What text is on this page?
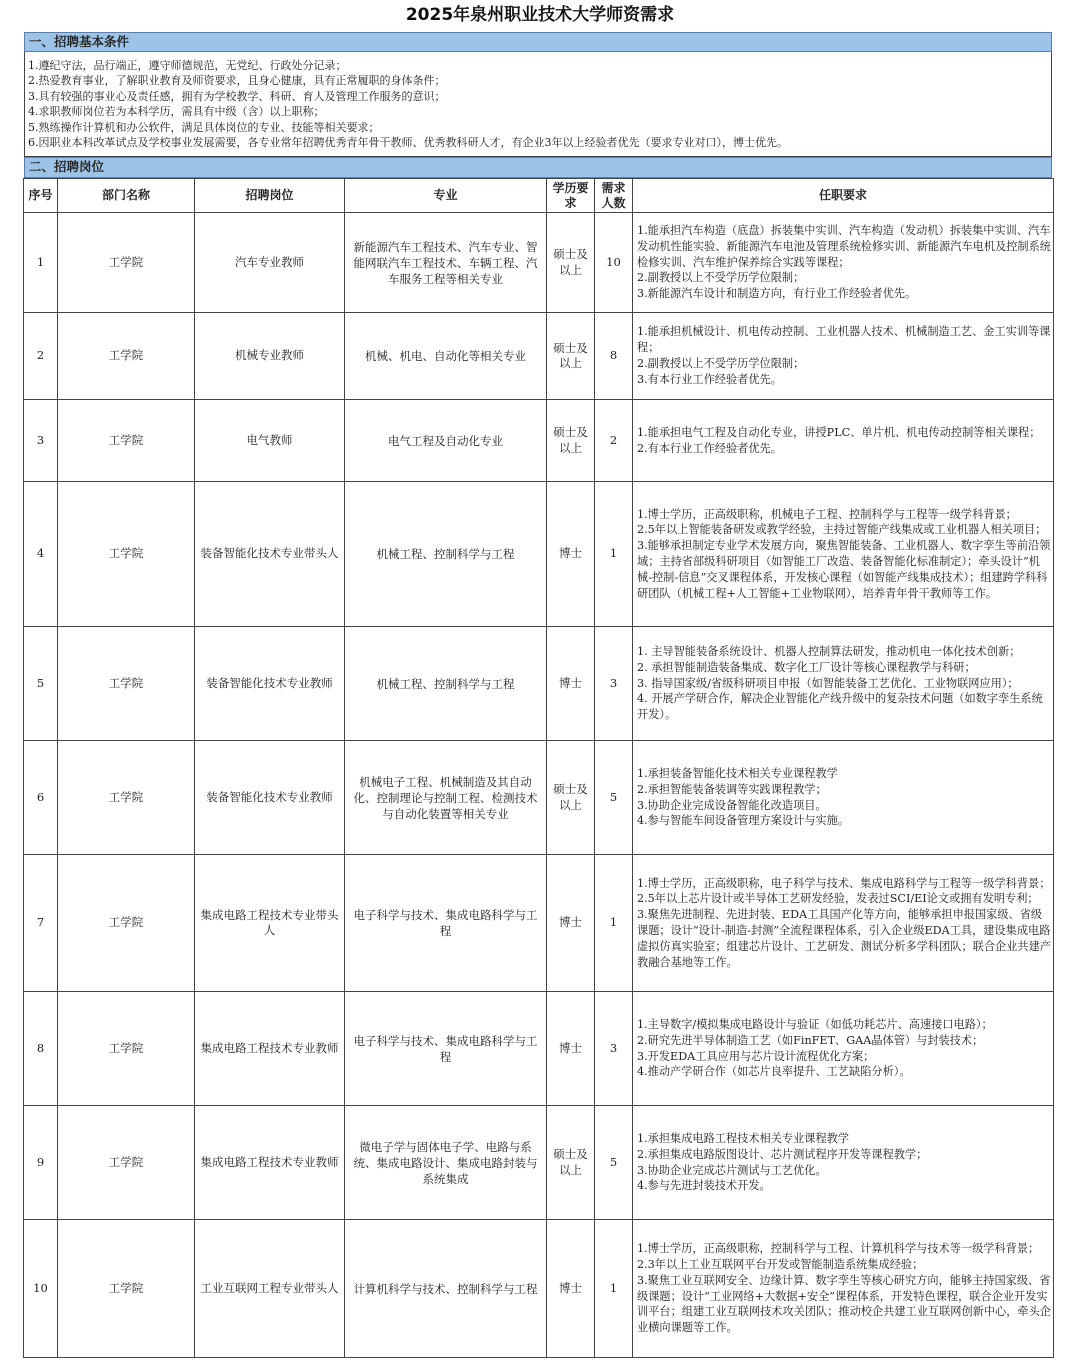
2025年泉州职业技术大学师资需求
一、招聘基本条件
1.遵纪守法，品行端正，遵守师德规范，无党纪、行政处分记录；
2.热爱教育事业，了解职业教育及师资要求，且身心健康，具有正常履职的身体条件；
3.具有较强的事业心及责任感，拥有为学校教学、科研、育人及管理工作服务的意识；
4.求职教师岗位若为本科学历，需具有中级（含）以上职称；
5.熟练操作计算机和办公软件，满足具体岗位的专业、技能等相关要求；
6.因职业本科改革试点及学校事业发展需要，各专业常年招聘优秀青年骨干教师、优秀教科研人才，有企业3年以上经验者优先（要求专业对口），博士优先。
二、招聘岗位
序号	部门名称	招聘岗位	专业	学历要求	需求人数	任职要求
1	工学院	汽车专业教师	新能源汽车工程技术、汽车专业、智能网联汽车工程技术、车辆工程、汽车服务工程等相关专业	硕士及以上	10	1.能承担汽车构造（底盘）拆装集中实训、汽车构造（发动机）拆装集中实训、汽车发动机性能实验、新能源汽车电池及管理系统检修实训、新能源汽车电机及控制系统检修实训、汽车维护保养综合实践等课程；
2.副教授以上不受学历学位限制；
3.新能源汽车设计和制造方向，有行业工作经验者优先。

2	工学院	机械专业教师	机械、机电、自动化等相关专业	硕士及以上	8	1.能承担机械设计、机电传动控制、工业机器人技术、机械制造工艺、金工实训等课程；
2.副教授以上不受学历学位限制；
3.有本行业工作经验者优先。

3	工学院	电气教师	电气工程及自动化专业	硕士及以上	2	1.能承担电气工程及自动化专业，讲授PLC、单片机、机电传动控制等相关课程；
2.有本行业工作经验者优先。

4	工学院	装备智能化技术专业带头人	机械工程、控制科学与工程	博士	1	1.博士学历，正高级职称，机械电子工程、控制科学与工程等一级学科背景；
2.5年以上智能装备研发或教学经验，主持过智能产线集成或工业机器人相关项目；
3.能够承担制定专业学术发展方向，聚焦智能装备、工业机器人、数字孪生等前沿领域；主持省部级科研项目（如智能工厂改造、装备智能化标准制定）；牵头设计“机械-控制-信息”交叉课程体系，开发核心课程（如智能产线集成技术）；组建跨学科科研团队（机械工程+人工智能+工业物联网），培养青年骨干教师等工作。

5	工学院	装备智能化技术专业教师	机械工程、控制科学与工程	博士	3	1. 主导智能装备系统设计、机器人控制算法研发，推动机电一体化技术创新；
2. 承担智能制造装备集成、数字化工厂设计等核心课程教学与科研；
3. 指导国家级/省级科研项目申报（如智能装备工艺优化、工业物联网应用）；
4. 开展产学研合作，解决企业智能化产线升级中的复杂技术问题（如数字孪生系统开发）。

6	工学院	装备智能化技术专业教师	机械电子工程、机械制造及其自动化、控制理论与控制工程、检测技术与自动化装置等相关专业	硕士及以上	5	1.承担装备智能化技术相关专业课程教学
2.承担智能装备装调等实践课程教学；
3.协助企业完成设备智能化改造项目。
4.参与智能车间设备管理方案设计与实施。

7	工学院	集成电路工程技术专业带头人	电子科学与技术、集成电路科学与工程	博士	1	1.博士学历，正高级职称，电子科学与技术、集成电路科学与工程等一级学科背景；
2.5年以上芯片设计或半导体工艺研发经验，发表过SCI/EI论文或拥有发明专利；
3.聚焦先进制程、先进封装、EDA工具国产化等方向，能够承担申报国家级、省级课题；设计“设计-制造-封测”全流程课程体系，引入企业级EDA工具，建设集成电路虚拟仿真实验室；组建芯片设计、工艺研发、测试分析多学科团队；联合企业共建产教融合基地等工作。

8	工学院	集成电路工程技术专业教师	电子科学与技术、集成电路科学与工程	博士	3	1.主导数字/模拟集成电路设计与验证（如低功耗芯片、高速接口电路）；
2.研究先进半导体制造工艺（如FinFET、GAA晶体管）与封装技术；
3.开发EDA工具应用与芯片设计流程优化方案；
4.推动产学研合作（如芯片良率提升、工艺缺陷分析）。

9	工学院	集成电路工程技术专业教师	微电子学与固体电子学、电路与系统、集成电路设计、集成电路封装与系统集成	硕士及以上	5	1.承担集成电路工程技术相关专业课程教学
2.承担集成电路版图设计、芯片测试程序开发等课程教学；
3.协助企业完成芯片测试与工艺优化。
4.参与先进封装技术开发。

10	工学院	工业互联网工程专业带头人	计算机科学与技术、控制科学与工程	博士	1	1.博士学历，正高级职称，控制科学与工程、计算机科学与技术等一级学科背景；
2.3年以上工业互联网平台开发或智能制造系统集成经验；
3.聚焦工业互联网安全、边缘计算、数字孪生等核心研究方向，能够主持国家级、省级课题；设计“工业网络+大数据+安全”课程体系，开发特色课程，联合企业开发实训平台；组建工业互联网技术攻关团队；推动校企共建工业互联网创新中心，牵头企业横向课题等工作。
